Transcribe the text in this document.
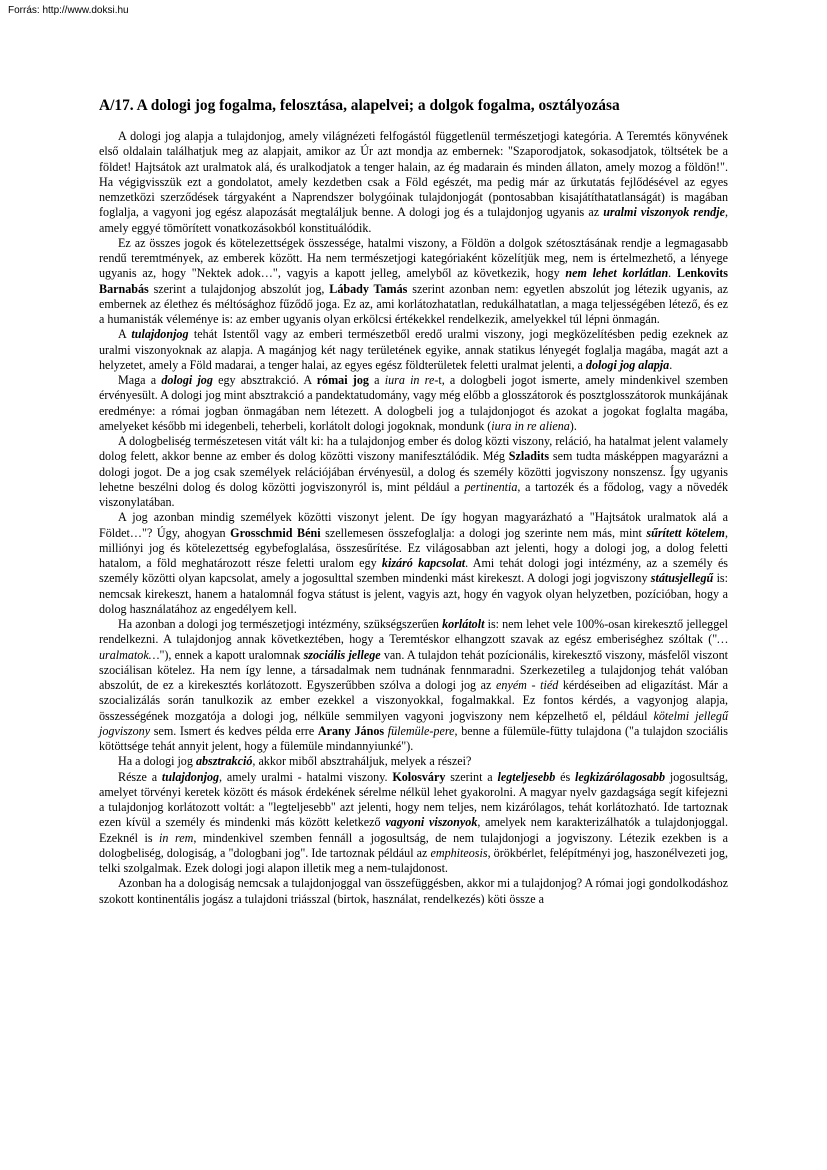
Forrás: http://www.doksi.hu
A/17. A dologi jog fogalma, felosztása, alapelvei; a dolgok fogalma, osztályozása

A dologi jog alapja a tulajdonjog, amely világnézeti felfogástól függetlenül természetjogi kategória. A Teremtés könyvének első oldalain találhatjuk meg az alapjait, amikor az Úr azt mondja az embernek: "Szaporodjatok, sokasodjatok, töltsétek be a földet! Hajtsátok azt uralmatok alá, és uralkodjatok a tenger halain, az ég madarain és minden állaton, amely mozog a földön!". Ha végigvisszük ezt a gondolatot, amely kezdetben csak a Föld egészét, ma pedig már az űrkutatás fejlődésével az egyes nemzetközi szerződések tárgyaként a Naprendszer bolygóinak tulajdonjogát (pontosabban kisajátíthatatlanságát) is magában foglalja, a vagyoni jog egész alapozását megtaláljuk benne. A dologi jog és a tulajdonjog ugyanis az uralmi viszonyok rendje, amely eggyé tömörített vonatkozásokból konstituálódik.

Ez az összes jogok és kötelezettségek összessége, hatalmi viszony, a Földön a dolgok szétosztásának rendje a legmagasabb rendű teremtmények, az emberek között. Ha nem természetjogi kategóriaként közelítjük meg, nem is értelmezhető, a lényege ugyanis az, hogy "Nektek adok…", vagyis a kapott jelleg, amelyből az következik, hogy nem lehet korlátlan. Lenkovits Barnabás szerint a tulajdonjog abszolút jog, Lábady Tamás szerint azonban nem: egyetlen abszolút jog létezik ugyanis, az embernek az élethez és méltósághoz fűződő joga. Ez az, ami korlátozhatatlan, redukálhatatlan, a maga teljességében létező, és ez a humanisták véleménye is: az ember ugyanis olyan erkölcsi értékekkel rendelkezik, amelyekkel túl lépni önmagán.

A tulajdonjog tehát Istentől vagy az emberi természetből eredő uralmi viszony, jogi megközelítésben pedig ezeknek az uralmi viszonyoknak az alapja. A magánjog két nagy területének egyike, annak statikus lényegét foglalja magába, magát azt a helyzetet, amely a Föld madarai, a tenger halai, az egyes egész földterületek feletti uralmat jelenti, a dologi jog alapja.

Maga a dologi jog egy absztrakció. A római jog a iura in re-t, a dologbeli jogot ismerte, amely mindenkivel szemben érvényesült. A dologi jog mint absztrakció a pandektatudomány, vagy még előbb a glosszátorok és posztglosszátorok munkájának eredménye: a római jogban önmagában nem létezett. A dologbeli jog a tulajdonjogot és azokat a jogokat foglalta magába, amelyeket később mi idegenbeli, teherbeli, korlátolt dologi jogoknak, mondunk (iura in re aliena).

A dologbeliség természetesen vitát vált ki: ha a tulajdonjog ember és dolog közti viszony, reláció, ha hatalmat jelent valamely dolog felett, akkor benne az ember és dolog közötti viszony manifesztálódik. Még Szladits sem tudta másképpen magyarázni a dologi jogot. De a jog csak személyek relációjában érvényesül, a dolog és személy közötti jogviszony nonszensz. Így ugyanis lehetne beszélni dolog és dolog közötti jogviszonyról is, mint például a pertinentia, a tartozék és a fődolog, vagy a növedék viszonylatában.

A jog azonban mindig személyek közötti viszonyt jelent. De így hogyan magyarázható a "Hajtsátok uralmatok alá a Földet…"? Úgy, ahogyan Grosschmid Béni szellemesen összefoglalja: a dologi jog szerinte nem más, mint sűrített kötelem, milliónyi jog és kötelezettség egybefoglalása, összesűrítése. Ez világosabban azt jelenti, hogy a dologi jog, a dolog feletti hatalom, a föld meghatározott része feletti uralom egy kizáró kapcsolat. Ami tehát dologi jogi intézmény, az a személy és személy közötti olyan kapcsolat, amely a jogosulttal szemben mindenki mást kirekeszt. A dologi jogi jogviszony státusjellegű is: nemcsak kirekeszt, hanem a hatalomnál fogva státust is jelent, vagyis azt, hogy én vagyok olyan helyzetben, pozícióban, hogy a dolog használatához az engedélyem kell.

Ha azonban a dologi jog természetjogi intézmény, szükségszerűen korlátolt is: nem lehet vele 100%-osan kirekesztő jelleggel rendelkezni. A tulajdonjog annak következtében, hogy a Teremtéskor elhangzott szavak az egész emberiséghez szóltak ("…uralmatok…"), ennek a kapott uralomnak szociális jellege van. A tulajdon tehát pozícionális, kirekesztő viszony, másfelől viszont szociálisan kötelez. Ha nem így lenne, a társadalmak nem tudnának fennmaradni. Szerkezetileg a tulajdonjog tehát valóban abszolút, de ez a kirekesztés korlátozott. Egyszerűbben szólva a dologi jog az enyém - tiéd kérdéseiben ad eligazítást. Már a szocializálás során tanulkozik az ember ezekkel a viszonyokkal, fogalmakkal. Ez fontos kérdés, a vagyonjog alapja, összességének mozgatója a dologi jog, nélküle semmilyen vagyoni jogviszony nem képzelhető el, például kötelmi jellegű jogviszony sem. Ismert és kedves példa erre Arany János fülemüle-pere, benne a fülemüle-fütty tulajdona ("a tulajdon szociális kötöttsége tehát annyit jelent, hogy a fülemüle mindannyiunké").

Ha a dologi jog absztrakció, akkor miből absztraháljuk, melyek a részei?

Része a tulajdonjog, amely uralmi - hatalmi viszony. Kolosváry szerint a legteljesebb és legkizárólagosabb jogosultság, amelyet törvényi keretek között és mások érdekének sérelme nélkül lehet gyakorolni. A magyar nyelv gazdagsága segít kifejezni a tulajdonjog korlátozott voltát: a "legteljesebb" azt jelenti, hogy nem teljes, nem kizárólagos, tehát korlátozható. Ide tartoznak ezen kívül a személy és mindenki más között keletkező vagyoni viszonyok, amelyek nem karakterizálhatók a tulajdonjoggal. Ezeknél is in rem, mindenkivel szemben fennáll a jogosultság, de nem tulajdonjogi a jogviszony. Létezik ezekben is a dologbeliség, dologiság, a "dologbani jog". Ide tartoznak például az emphiteosis, örökbérlet, felépítményi jog, haszonélvezeti jog, telki szolgalmak. Ezek dologi jogi alapon illetik meg a nem-tulajdonost.

Azonban ha a dologiság nemcsak a tulajdonjoggal van összefüggésben, akkor mi a tulajdonjog? A római jogi gondolkodáshoz szokott kontinentális jogász a tulajdoni triásszal (birtok, használat, rendelkezés) köti össze a
